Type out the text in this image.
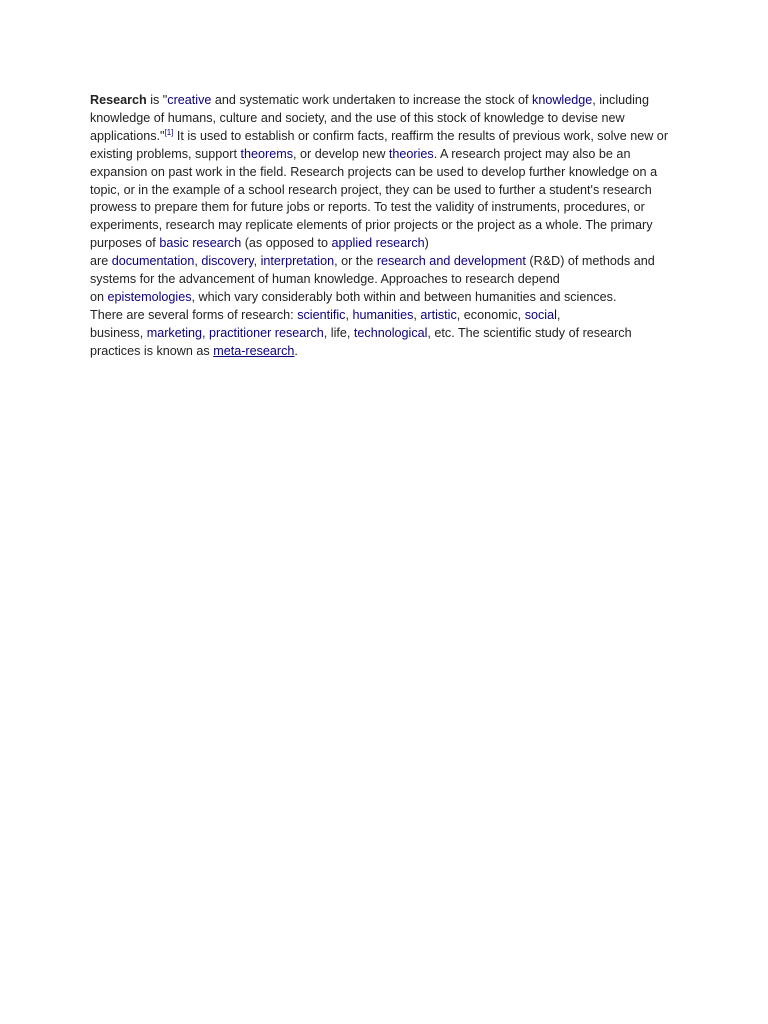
Research is "creative and systematic work undertaken to increase the stock of knowledge, including knowledge of humans, culture and society, and the use of this stock of knowledge to devise new applications."[1] It is used to establish or confirm facts, reaffirm the results of previous work, solve new or existing problems, support theorems, or develop new theories. A research project may also be an expansion on past work in the field. Research projects can be used to develop further knowledge on a topic, or in the example of a school research project, they can be used to further a student's research prowess to prepare them for future jobs or reports. To test the validity of instruments, procedures, or experiments, research may replicate elements of prior projects or the project as a whole. The primary purposes of basic research (as opposed to applied research)
are documentation, discovery, interpretation, or the research and development (R&D) of methods and systems for the advancement of human knowledge. Approaches to research depend
on epistemologies, which vary considerably both within and between humanities and sciences.
There are several forms of research: scientific, humanities, artistic, economic, social,
business, marketing, practitioner research, life, technological, etc. The scientific study of research practices is known as meta-research.
